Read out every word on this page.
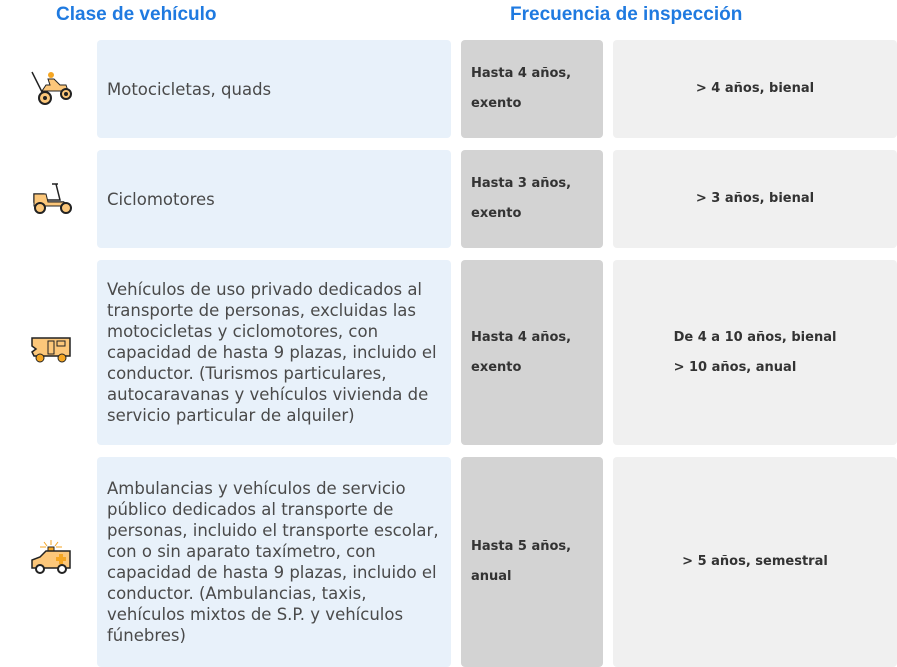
Clase de vehículo	Frecuencia de inspección
Motocicletas, quads
Hasta 4 años,
exento
> 4 años, bienal
Ciclomotores
Hasta 3 años,
exento
> 3 años, bienal
Vehículos de uso privado dedicados al transporte de personas, excluidas las motocicletas y ciclomotores, con capacidad de hasta 9 plazas, incluido el conductor. (Turismos particulares, autocaravanas y vehículos vivienda de servicio particular de alquiler)
Hasta 4 años,
exento
De 4 a 10 años, bienal
> 10 años, anual
Ambulancias y vehículos de servicio público dedicados al transporte de personas, incluido el transporte escolar, con o sin aparato taxímetro, con capacidad de hasta 9 plazas, incluido el conductor. (Ambulancias, taxis, vehículos mixtos de S.P. y vehículos fúnebres)
Hasta 5 años,
anual
> 5 años, semestral
